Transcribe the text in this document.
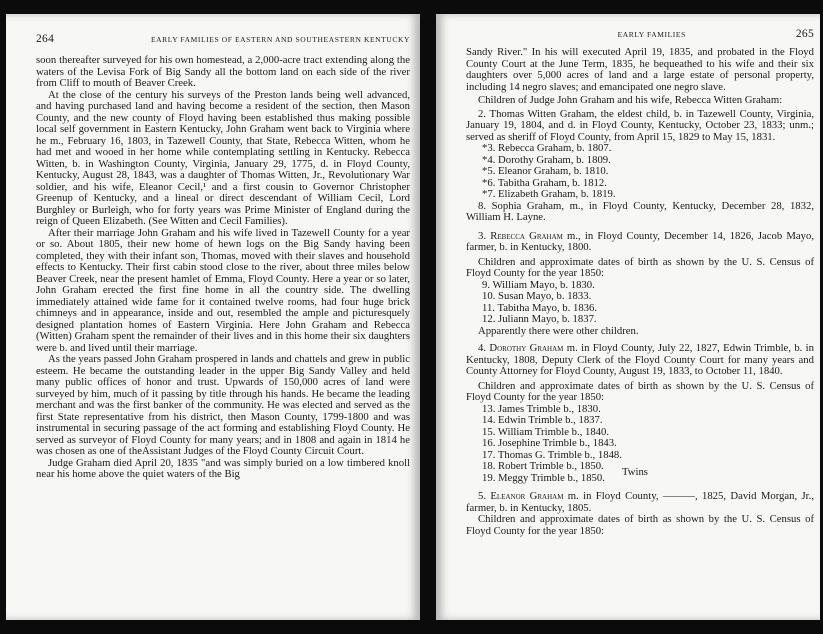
264	EARLY FAMILIES OF EASTERN AND SOUTHEASTERN KENTUCKY

soon thereafter surveyed for his own homestead, a 2,000-acre tract extending along the waters of the Levisa Fork of Big Sandy all the bottom land on each side of the river from Cliff to mouth of Beaver Creek.

At the close of the century his surveys of the Preston lands being well advanced, and having purchased land and having become a resident of the section, then Mason County, and the new county of Floyd having been established thus making possible local self government in Eastern Kentucky, John Graham went back to Virginia where he m., February 16, 1803, in Tazewell County, that State, Rebecca Witten, whom he had met and wooed in her home while contemplating settling in Kentucky. Rebecca Witten, b. in Washington County, Virginia, January 29, 1775, d. in Floyd County, Kentucky, August 28, 1843, was a daughter of Thomas Witten, Jr., Revolutionary War soldier, and his wife, Eleanor Cecil,¹ and a first cousin to Governor Christopher Greenup of Kentucky, and a lineal or direct descendant of William Cecil, Lord Burghley or Burleigh, who for forty years was Prime Minister of England during the reign of Queen Elizabeth. (See Witten and Cecil Families).

After their marriage John Graham and his wife lived in Tazewell County for a year or so. About 1805, their new home of hewn logs on the Big Sandy having been completed, they with their infant son, Thomas, moved with their slaves and household effects to Kentucky. Their first cabin stood close to the river, about three miles below Beaver Creek, near the present hamlet of Emma, Floyd County. Here a year or so later, John Graham erected the first fine home in all the country side. The dwelling immediately attained wide fame for it contained twelve rooms, had four huge brick chimneys and in appearance, inside and out, resembled the ample and picturesquely designed plantation homes of Eastern Virginia. Here John Graham and Rebecca (Witten) Graham spent the remainder of their lives and in this home their six daughters were b. and lived until their marriage.

As the years passed John Graham prospered in lands and chattels and grew in public esteem. He became the outstanding leader in the upper Big Sandy Valley and held many public offices of honor and trust. Upwards of 150,000 acres of land were surveyed by him, much of it passing by title through his hands. He became the leading merchant and was the first banker of the community. He was elected and served as the first State representative from his district, then Mason County, 1799-1800 and was instrumental in securing passage of the act forming and establishing Floyd County. He served as surveyor of Floyd County for many years; and in 1808 and again in 1814 he was chosen as one of theAssistant Judges of the Floyd County Circuit Court.

Judge Graham died April 20, 1835 "and was simply buried on a low timbered knoll near his home above the quiet waters of the Big

EARLY FAMILIES	265

Sandy River." In his will executed April 19, 1835, and probated in the Floyd County Court at the June Term, 1835, he bequeathed to his wife and their six daughters over 5,000 acres of land and a large estate of personal property, including 14 negro slaves; and emancipated one negro slave.

Children of Judge John Graham and his wife, Rebecca Witten Graham:

2. Thomas Witten Graham, the eldest child, b. in Tazewell County, Virginia, January 19, 1804, and d. in Floyd County, Kentucky, October 23, 1833; unm.; served as sheriff of Floyd County, from April 15, 1829 to May 15, 1831.

*3. Rebecca Graham, b. 1807.
*4. Dorothy Graham, b. 1809.
*5. Eleanor Graham, b. 1810.
*6. Tabitha Graham, b. 1812.
*7. Elizabeth Graham, b. 1819.

8. Sophia Graham, m., in Floyd County, Kentucky, December 28, 1832, William H. Layne.

3. Rebecca Graham m., in Floyd County, December 14, 1826, Jacob Mayo, farmer, b. in Kentucky, 1800.

Children and approximate dates of birth as shown by the U. S. Census of Floyd County for the year 1850:

9. William Mayo, b. 1830.
10. Susan Mayo, b. 1833.
11. Tabitha Mayo, b. 1836.
12. Juliann Mayo, b. 1837.
Apparently there were other children.

4. Dorothy Graham m. in Floyd County, July 22, 1827, Edwin Trimble, b. in Kentucky, 1808, Deputy Clerk of the Floyd County Court for many years and County Attorney for Floyd County, August 19, 1833, to October 11, 1840.

Children and approximate dates of birth as shown by the U. S. Census of Floyd County for the year 1850:

13. James Trimble b., 1830.
14. Edwin Trimble b., 1837.
15. William Trimble b., 1840.
16. Josephine Trimble b., 1843.
17. Thomas G. Trimble b., 1848.
18. Robert Trimble b., 1850.
19. Meggy Trimble b., 1850.	Twins

5. Eleanor Graham m. in Floyd County, ———, 1825, David Morgan, Jr., farmer, b. in Kentucky, 1805.

Children and approximate dates of birth as shown by the U. S. Census of Floyd County for the year 1850:
